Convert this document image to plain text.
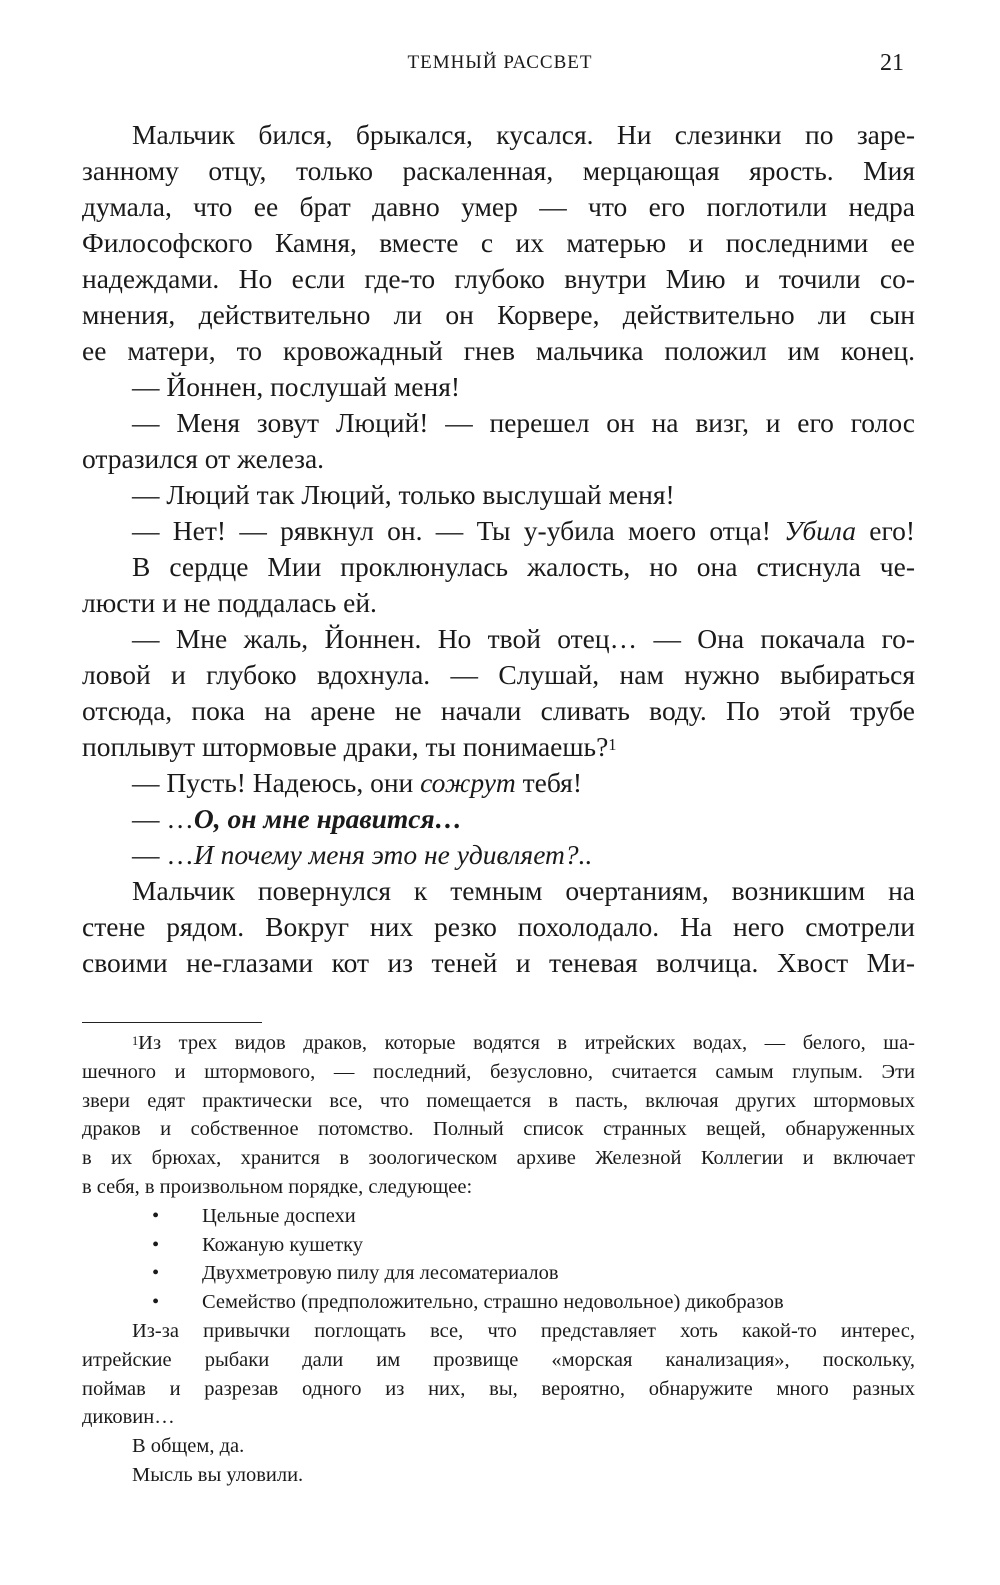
ТЕМНЫЙ РАССВЕТ	21
Мальчик бился, брыкался, кусался. Ни слезинки по заре-
занному отцу, только раскаленная, мерцающая ярость. Мия
думала, что ее брат давно умер — что его поглотили недра
Философского Камня, вместе с их матерью и последними ее
надеждами. Но если где-то глубоко внутри Мию и точили со-
мнения, действительно ли он Корвере, действительно ли сын
ее матери, то кровожадный гнев мальчика положил им конец.
— Йоннен, послушай меня!
— Меня зовут Люций! — перешел он на визг, и его голос
отразился от железа.
— Люций так Люций, только выслушай меня!
— Нет! — рявкнул он. — Ты у-убила моего отца! Убила его!
В сердце Мии проклюнулась жалость, но она стиснула че-
люсти и не поддалась ей.
— Мне жаль, Йоннен. Но твой отец… — Она покачала го-
ловой и глубоко вдохнула. — Слушай, нам нужно выбираться
отсюда, пока на арене не начали сливать воду. По этой трубе
поплывут штормовые драки, ты понимаешь?$^1$
— Пусть! Надеюсь, они сожрут тебя!
— …О, он мне нравится…
— …И почему меня это не удивляет?..
Мальчик повернулся к темным очертаниям, возникшим на
стене рядом. Вокруг них резко похолодало. На него смотрели
своими не-глазами кот из теней и теневая волчица. Хвост Ми-
$^1$Из трех видов драков, которые водятся в итрейских водах, — белого, ша-
шечного и штормового, — последний, безусловно, считается самым глупым. Эти
звери едят практически все, что помещается в пасть, включая других штормовых
драков и собственное потомство. Полный список странных вещей, обнаруженных
в их брюхах, хранится в зоологическом архиве Железной Коллегии и включает
в себя, в произвольном порядке, следующее:
• Цельные доспехи
• Кожаную кушетку
• Двухметровую пилу для лесоматериалов
• Семейство (предположительно, страшно недовольное) дикобразов
Из-за привычки поглощать все, что представляет хоть какой-то интерес,
итрейские рыбаки дали им прозвище «морская канализация», поскольку,
поймав и разрезав одного из них, вы, вероятно, обнаружите много разных
диковин…
В общем, да.
Мысль вы уловили.
